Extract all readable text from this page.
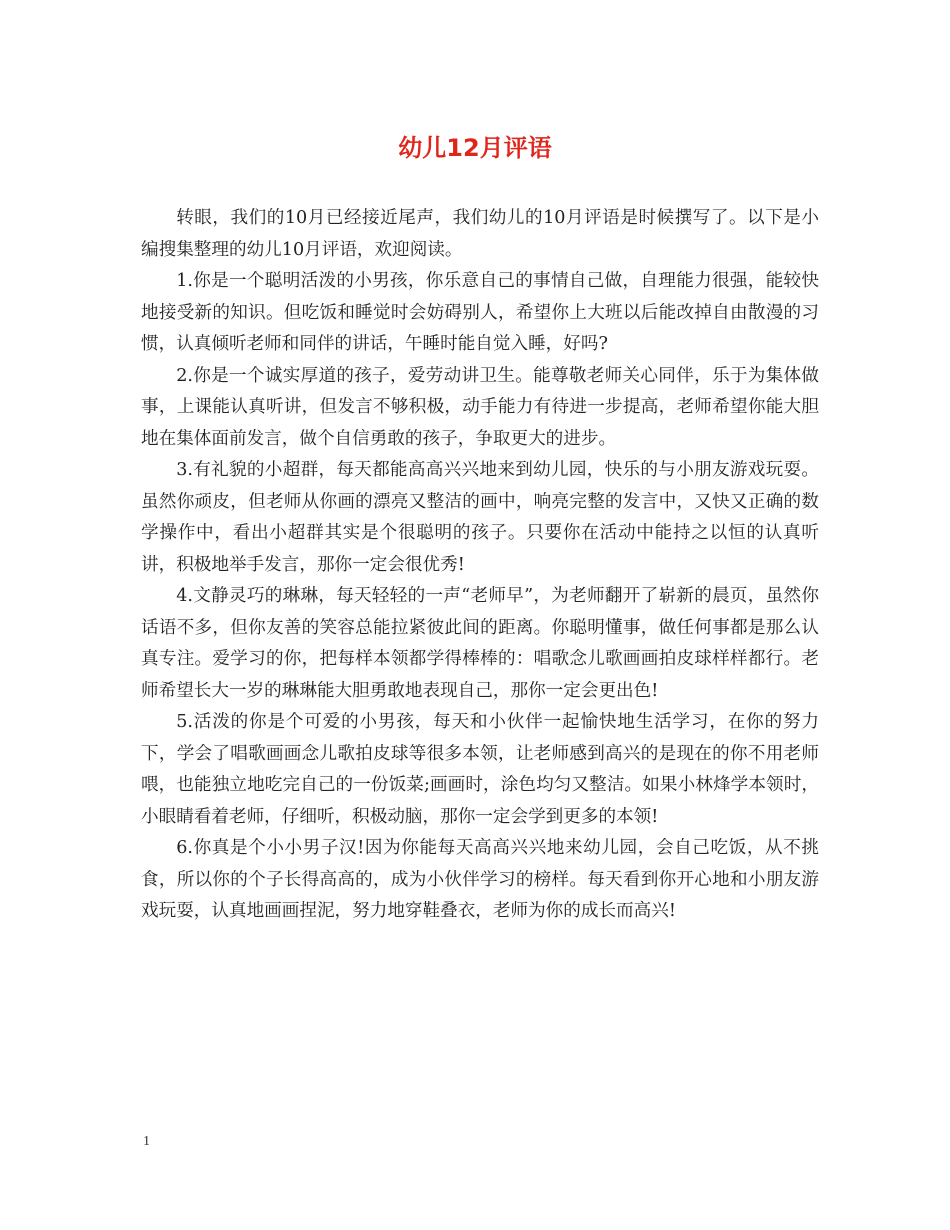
幼儿12月评语

转眼，我们的10月已经接近尾声，我们幼儿的10月评语是时候撰写了。以下是小编搜集整理的幼儿10月评语，欢迎阅读。

1.你是一个聪明活泼的小男孩，你乐意自己的事情自己做，自理能力很强，能较快地接受新的知识。但吃饭和睡觉时会妨碍别人，希望你上大班以后能改掉自由散漫的习惯，认真倾听老师和同伴的讲话，午睡时能自觉入睡，好吗?

2.你是一个诚实厚道的孩子，爱劳动讲卫生。能尊敬老师关心同伴，乐于为集体做事，上课能认真听讲，但发言不够积极，动手能力有待进一步提高，老师希望你能大胆地在集体面前发言，做个自信勇敢的孩子，争取更大的进步。

3.有礼貌的小超群，每天都能高高兴兴地来到幼儿园，快乐的与小朋友游戏玩耍。虽然你顽皮，但老师从你画的漂亮又整洁的画中，响亮完整的发言中，又快又正确的数学操作中，看出小超群其实是个很聪明的孩子。只要你在活动中能持之以恒的认真听讲，积极地举手发言，那你一定会很优秀!

4.文静灵巧的琳琳，每天轻轻的一声“老师早”，为老师翻开了崭新的晨页，虽然你话语不多，但你友善的笑容总能拉紧彼此间的距离。你聪明懂事，做任何事都是那么认真专注。爱学习的你，把每样本领都学得棒棒的：唱歌念儿歌画画拍皮球样样都行。老师希望长大一岁的琳琳能大胆勇敢地表现自己，那你一定会更出色!

5.活泼的你是个可爱的小男孩，每天和小伙伴一起愉快地生活学习，在你的努力下，学会了唱歌画画念儿歌拍皮球等很多本领，让老师感到高兴的是现在的你不用老师喂，也能独立地吃完自己的一份饭菜;画画时，涂色均匀又整洁。如果小林烽学本领时，小眼睛看着老师，仔细听，积极动脑，那你一定会学到更多的本领!

6.你真是个小小男子汉!因为你能每天高高兴兴地来幼儿园，会自己吃饭，从不挑食，所以你的个子长得高高的，成为小伙伴学习的榜样。每天看到你开心地和小朋友游戏玩耍，认真地画画捏泥，努力地穿鞋叠衣，老师为你的成长而高兴!

1
